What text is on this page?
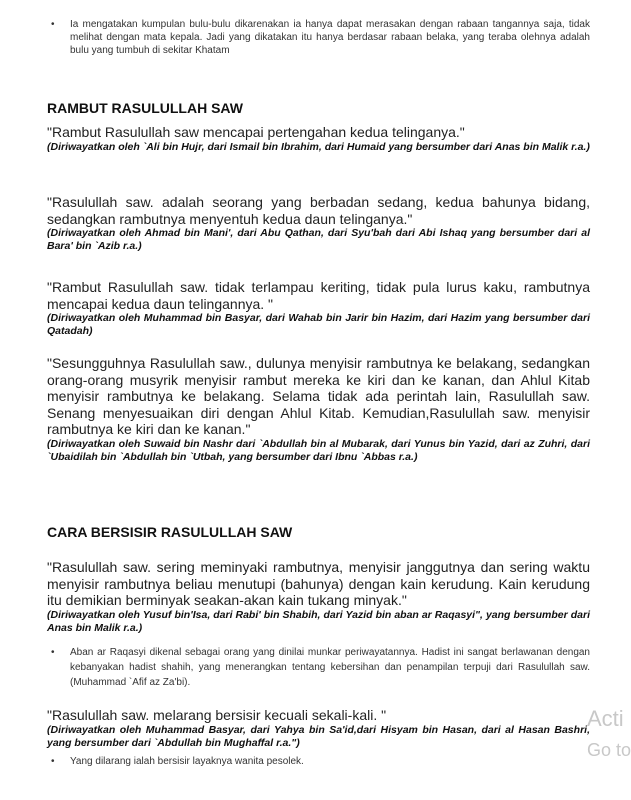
• Ia mengatakan kumpulan bulu-bulu dikarenakan ia hanya dapat merasakan dengan rabaan tangannya saja, tidak melihat dengan mata kepala. Jadi yang dikatakan itu hanya berdasar rabaan belaka, yang teraba olehnya adalah bulu yang tumbuh di sekitar Khatam
RAMBUT RASULULLAH SAW
"Rambut Rasulullah saw mencapai pertengahan kedua telinganya."
(Diriwayatkan oleh `Ali bin Hujr, dari Ismail bin Ibrahim, dari Humaid yang bersumber dari Anas bin Malik r.a.)
"Rasulullah saw. adalah seorang yang berbadan sedang, kedua bahunya bidang, sedangkan rambutnya menyentuh kedua daun telinganya."
(Diriwayatkan oleh Ahmad bin Mani', dari Abu Qathan, dari Syu'bah dari Abi Ishaq yang bersumber dari al Bara' bin `Azib r.a.)
"Rambut Rasulullah saw. tidak terlampau keriting, tidak pula lurus kaku, rambutnya mencapai kedua daun telingannya. "
(Diriwayatkan oleh Muhammad bin Basyar, dari Wahab bin Jarir bin Hazim, dari Hazim yang bersumber dari Qatadah)
"Sesungguhnya Rasulullah saw., dulunya menyisir rambutnya ke belakang, sedangkan orang-orang musyrik menyisir rambut mereka ke kiri dan ke kanan, dan Ahlul Kitab menyisir rambutnya ke belakang. Selama tidak ada perintah lain, Rasulullah saw. Senang menyesuaikan diri dengan Ahlul Kitab. Kemudian,Rasulullah saw. menyisir rambutnya ke kiri dan ke kanan."
(Diriwayatkan oleh Suwaid bin Nashr dari `Abdullah bin al Mubarak, dari Yunus bin Yazid, dari az Zuhri, dari `Ubaidilah bin `Abdullah bin `Utbah, yang bersumber dari Ibnu `Abbas r.a.)
CARA BERSISIR RASULULLAH SAW
"Rasulullah saw. sering meminyaki rambutnya, menyisir janggutnya dan sering waktu menyisir rambutnya beliau menutupi (bahunya) dengan kain kerudung. Kain kerudung itu demikian berminyak seakan-akan kain tukang minyak."
(Diriwayatkan oleh Yusuf bin'Isa, dari Rabi' bin Shabih, dari Yazid bin aban ar Raqasyi", yang bersumber dari Anas bin Malik r.a.)
• Aban ar Raqasyi dikenal sebagai orang yang dinilai munkar periwayatannya. Hadist ini sangat berlawanan dengan kebanyakan hadist shahih, yang menerangkan tentang kebersihan dan penampilan terpuji dari Rasulullah saw. (Muhammad `Afif az Za'bi).
"Rasulullah saw. melarang bersisir kecuali sekali-kali. "
(Diriwayatkan oleh Muhammad Basyar, dari Yahya bin Sa'id,dari Hisyam bin Hasan, dari al Hasan Bashri, yang bersumber dari `Abdullah bin Mughaffal r.a.")
• Yang dilarang ialah bersisir layaknya wanita pesolek.
Acti
Go to
